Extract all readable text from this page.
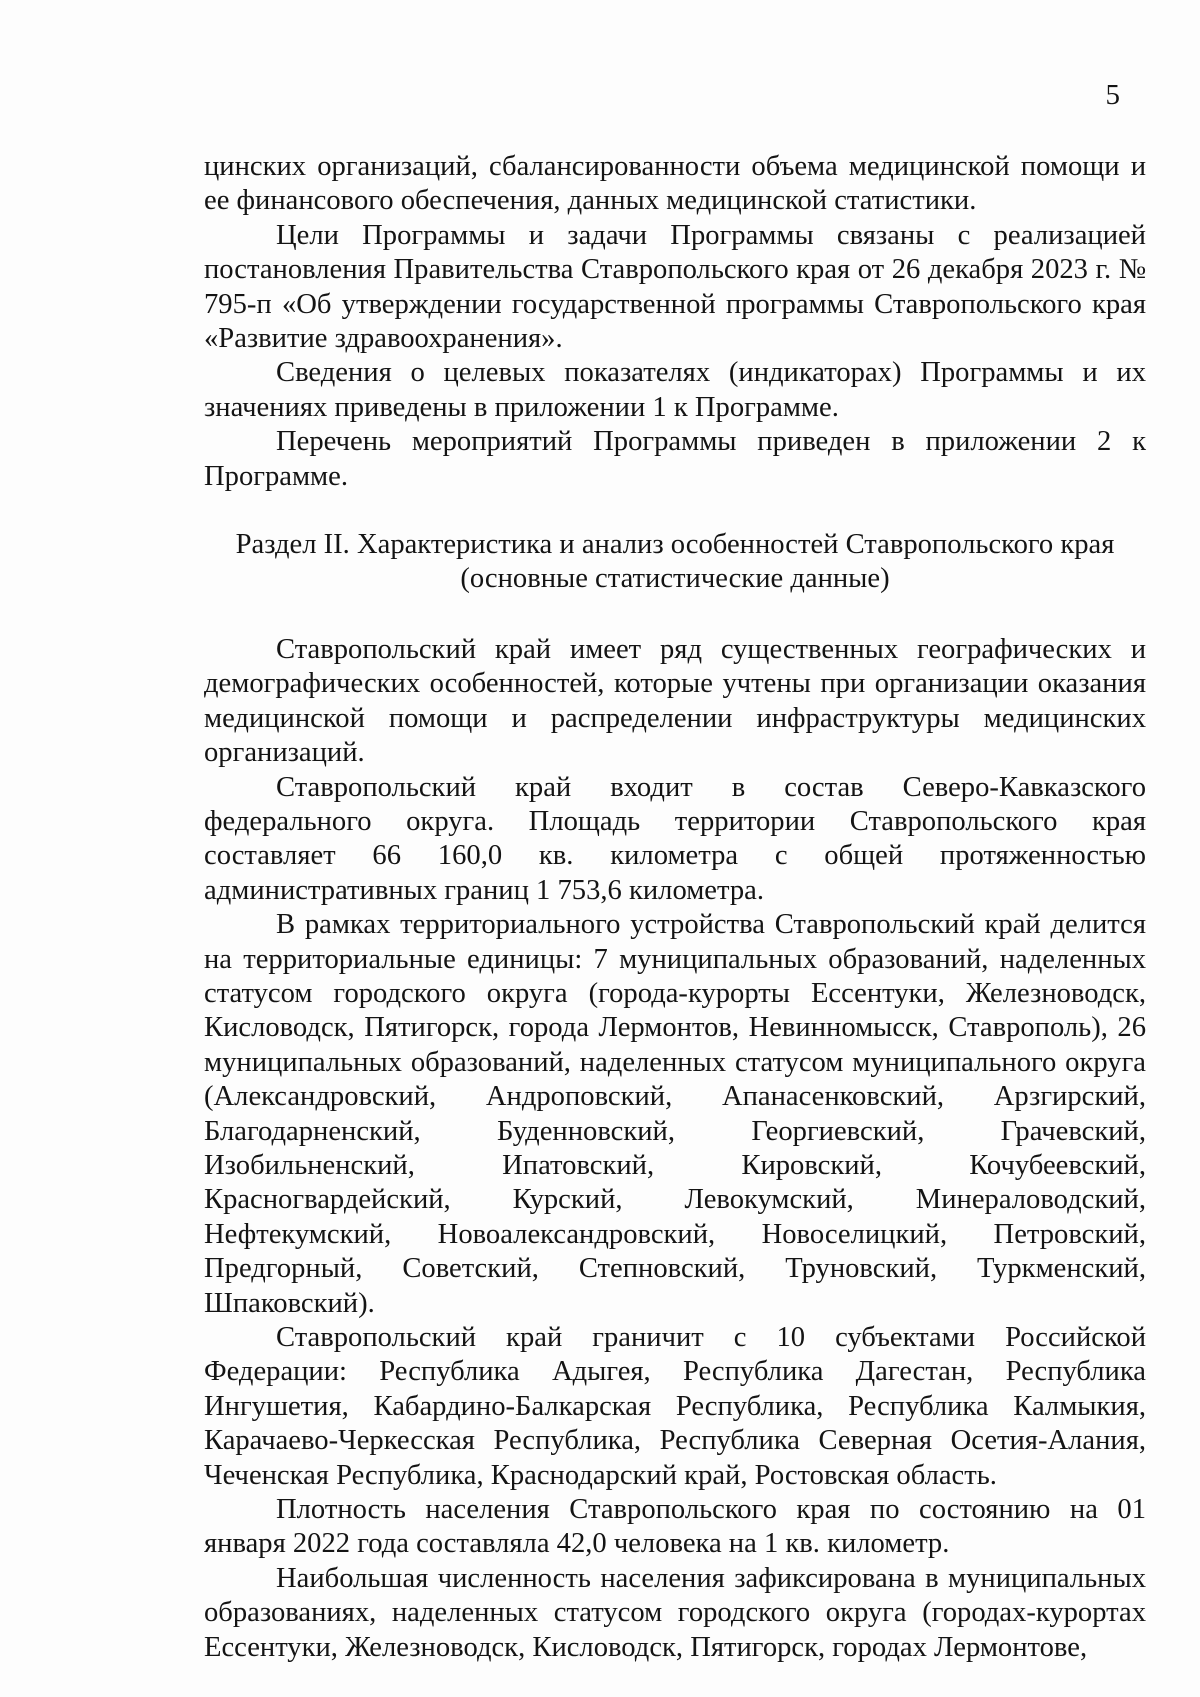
5

цинских организаций, сбалансированности объема медицинской помощи и ее финансового обеспечения, данных медицинской статистики.

Цели Программы и задачи Программы связаны с реализацией постановления Правительства Ставропольского края от 26 декабря 2023 г. № 795-п «Об утверждении государственной программы Ставропольского края «Развитие здравоохранения».

Сведения о целевых показателях (индикаторах) Программы и их значениях приведены в приложении 1 к Программе.

Перечень мероприятий Программы приведен в приложении 2 к Программе.

Раздел II. Характеристика и анализ особенностей Ставропольского края
(основные статистические данные)

Ставропольский край имеет ряд существенных географических и демографических особенностей, которые учтены при организации оказания медицинской помощи и распределении инфраструктуры медицинских организаций.

Ставропольский край входит в состав Северо-Кавказского федерального округа. Площадь территории Ставропольского края составляет 66 160,0 кв. километра с общей протяженностью административных границ 1 753,6 километра.

В рамках территориального устройства Ставропольский край делится на территориальные единицы: 7 муниципальных образований, наделенных статусом городского округа (города-курорты Ессентуки, Железноводск, Кисловодск, Пятигорск, города Лермонтов, Невинномысск, Ставрополь), 26 муниципальных образований, наделенных статусом муниципального округа (Александровский, Андроповский, Апанасенковский, Арзгирский, Благодарненский, Буденновский, Георгиевский, Грачевский, Изобильненский, Ипатовский, Кировский, Кочубеевский, Красногвардейский, Курский, Левокумский, Минераловодский, Нефтекумский, Новоалександровский, Новоселицкий, Петровский, Предгорный, Советский, Степновский, Труновский, Туркменский, Шпаковский).

Ставропольский край граничит с 10 субъектами Российской Федерации: Республика Адыгея, Республика Дагестан, Республика Ингушетия, Кабардино-Балкарская Республика, Республика Калмыкия, Карачаево-Черкесская Республика, Республика Северная Осетия-Алания, Чеченская Республика, Краснодарский край, Ростовская область.

Плотность населения Ставропольского края по состоянию на 01 января 2022 года составляла 42,0 человека на 1 кв. километр.

Наибольшая численность населения зафиксирована в муниципальных образованиях, наделенных статусом городского округа (городах-курортах Ессентуки, Железноводск, Кисловодск, Пятигорск, городах Лермонтове,
